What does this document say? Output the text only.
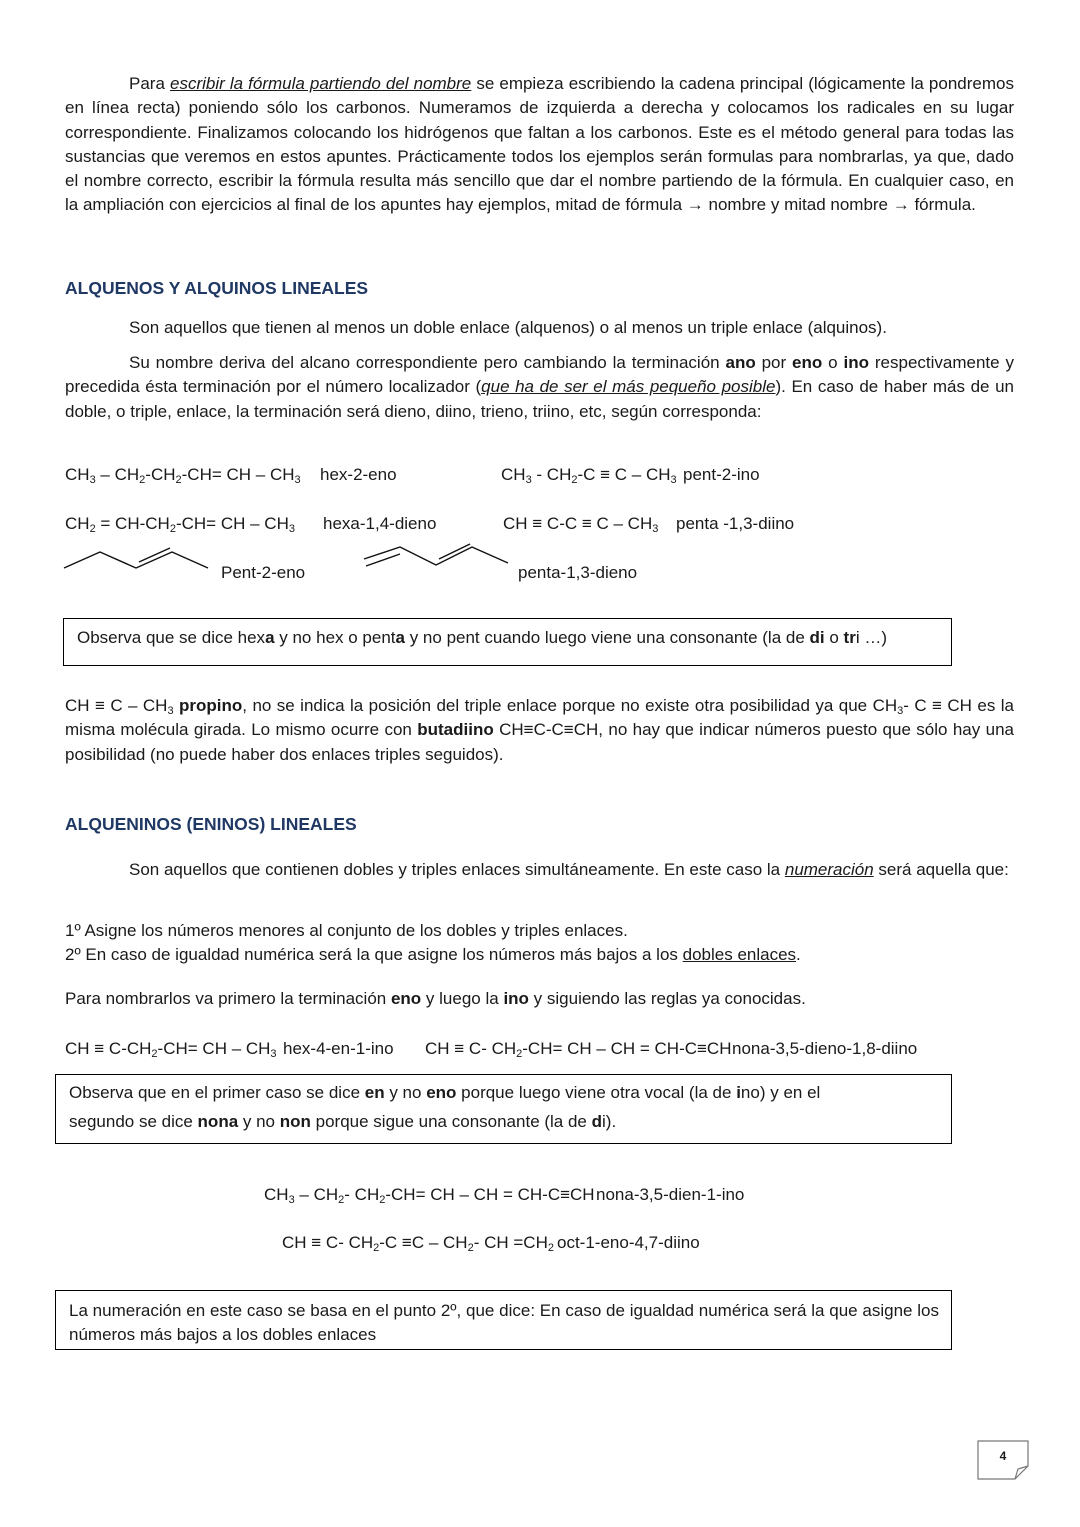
Para escribir la fórmula partiendo del nombre se empieza escribiendo la cadena principal (lógicamente la pondremos en línea recta) poniendo sólo los carbonos. Numeramos de izquierda a derecha y colocamos los radicales en su lugar correspondiente. Finalizamos colocando los hidrógenos que faltan a los carbonos. Este es el método general para todas las sustancias que veremos en estos apuntes. Prácticamente todos los ejemplos serán formulas para nombrarlas, ya que, dado el nombre correcto, escribir la fórmula resulta más sencillo que dar el nombre partiendo de la fórmula. En cualquier caso, en la ampliación con ejercicios al final de los apuntes hay ejemplos, mitad de fórmula → nombre y mitad nombre → fórmula.
ALQUENOS Y ALQUINOS LINEALES
Son aquellos que tienen al menos un doble enlace (alquenos) o al menos un triple enlace (alquinos).
Su nombre deriva del alcano correspondiente pero cambiando la terminación ano por eno o ino respectivamente y precedida ésta terminación por el número localizador (que ha de ser el más pequeño posible). En caso de haber más de un doble, o triple, enlace, la terminación será dieno, diino, trieno, triino, etc, según corresponda:
$CH_3 - CH_2-CH_2-CH=$ CH – $CH_3$ hex-2-eno	$CH_3 - CH_2-C \equiv C - CH_3$ pent-2-ino
$CH_2 = CH-CH_2-CH=$ CH – $CH_3$ hexa-1,4-dieno	CH ≡ $C-C \equiv C - CH_3$ penta -1,3-diino
Pent-2-eno	penta-1,3-dieno
Observa que se dice hexa y no hex o penta y no pent cuando luego viene una consonante (la de di o tri …)
CH ≡ C – $CH_3$ propino, no se indica la posición del triple enlace porque no existe otra posibilidad ya que $CH_3-$ C ≡ CH es la misma molécula girada. Lo mismo ocurre con butadiino CH≡C-C≡CH, no hay que indicar números puesto que sólo hay una posibilidad (no puede haber dos enlaces triples seguidos).
ALQUENINOS (ENINOS) LINEALES
Son aquellos que contienen dobles y triples enlaces simultáneamente. En este caso la numeración será aquella que:
1º Asigne los números menores al conjunto de los dobles y triples enlaces.
2º En caso de igualdad numérica será la que asigne los números más bajos a los dobles enlaces.
Para nombrarlos va primero la terminación eno y luego la ino y siguiendo las reglas ya conocidas.
CH ≡ $C-CH_2-CH=$ CH – $CH_3$ hex-4-en-1-ino CH ≡ C- $CH_2-CH=$ CH – CH = CH-C≡CH nona-3,5-dieno-1,8-diino
Observa que en el primer caso se dice en y no eno porque luego viene otra vocal (la de ino) y en el
segundo se dice nona y no non porque sigue una consonante (la de di).
$CH_3 - CH_2-$ $CH_2-CH=$ CH – CH = CH-C≡CH nona-3,5-dien-1-ino
CH ≡ C- $CH_2-C \equiv C - CH_2-$ CH $=CH_2$ oct-1-eno-4,7-diino
La numeración en este caso se basa en el punto 2º, que dice: En caso de igualdad numérica será la que asigne los números más bajos a los dobles enlaces
4
